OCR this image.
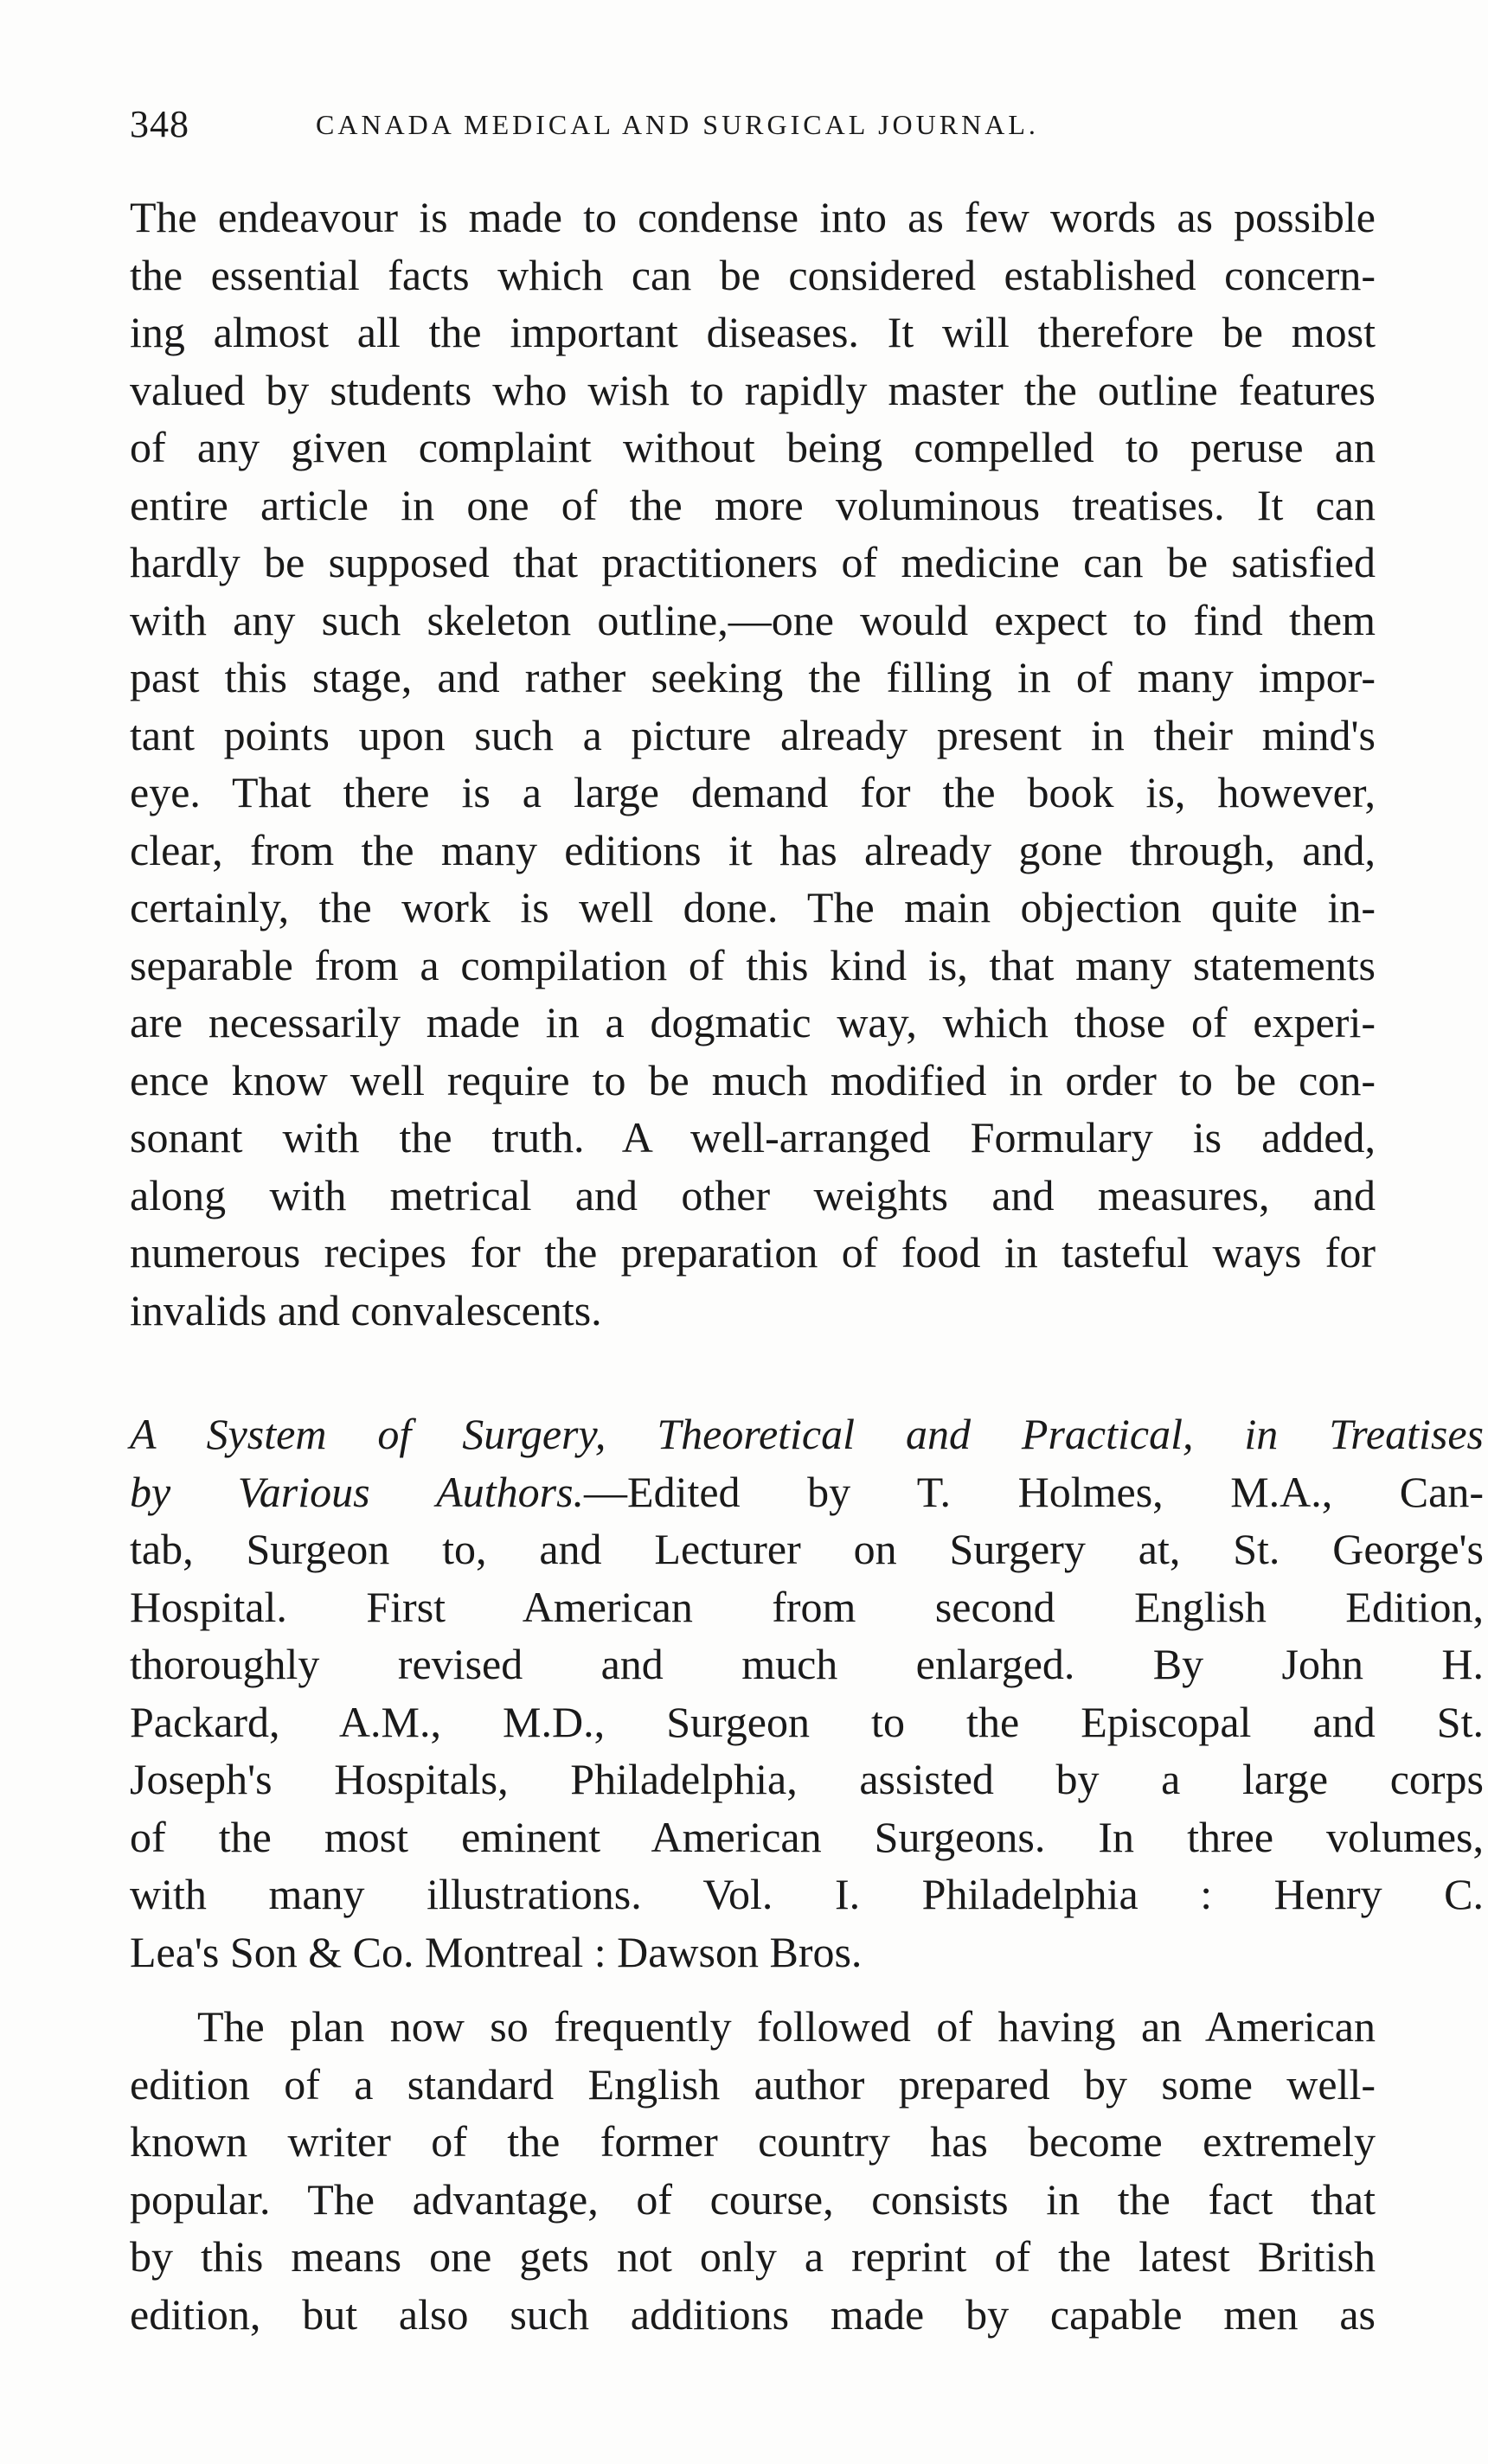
348	CANADA MEDICAL AND SURGICAL JOURNAL.
The endeavour is made to condense into as few words as possible
the essential facts which can be considered established concern-
ing almost all the important diseases. It will therefore be most
valued by students who wish to rapidly master the outline features
of any given complaint without being compelled to peruse an
entire article in one of the more voluminous treatises. It can
hardly be supposed that practitioners of medicine can be satisfied
with any such skeleton outline,—one would expect to find them
past this stage, and rather seeking the filling in of many impor-
tant points upon such a picture already present in their mind's
eye. That there is a large demand for the book is, however,
clear, from the many editions it has already gone through, and,
certainly, the work is well done. The main objection quite in-
separable from a compilation of this kind is, that many statements
are necessarily made in a dogmatic way, which those of experi-
ence know well require to be much modified in order to be con-
sonant with the truth. A well-arranged Formulary is added,
along with metrical and other weights and measures, and
numerous recipes for the preparation of food in tasteful ways for
invalids and convalescents.
A System of Surgery, Theoretical and Practical, in Treatises
by Various Authors.—Edited by T. Holmes, M.A., Can-
tab, Surgeon to, and Lecturer on Surgery at, St. George's
Hospital. First American from second English Edition,
thoroughly revised and much enlarged. By John H.
Packard, A.M., M.D., Surgeon to the Episcopal and St.
Joseph's Hospitals, Philadelphia, assisted by a large corps
of the most eminent American Surgeons. In three volumes,
with many illustrations. Vol. I. Philadelphia : Henry C.
Lea's Son & Co. Montreal : Dawson Bros.
The plan now so frequently followed of having an American
edition of a standard English author prepared by some well-
known writer of the former country has become extremely
popular. The advantage, of course, consists in the fact that
by this means one gets not only a reprint of the latest British
edition, but also such additions made by capable men as
